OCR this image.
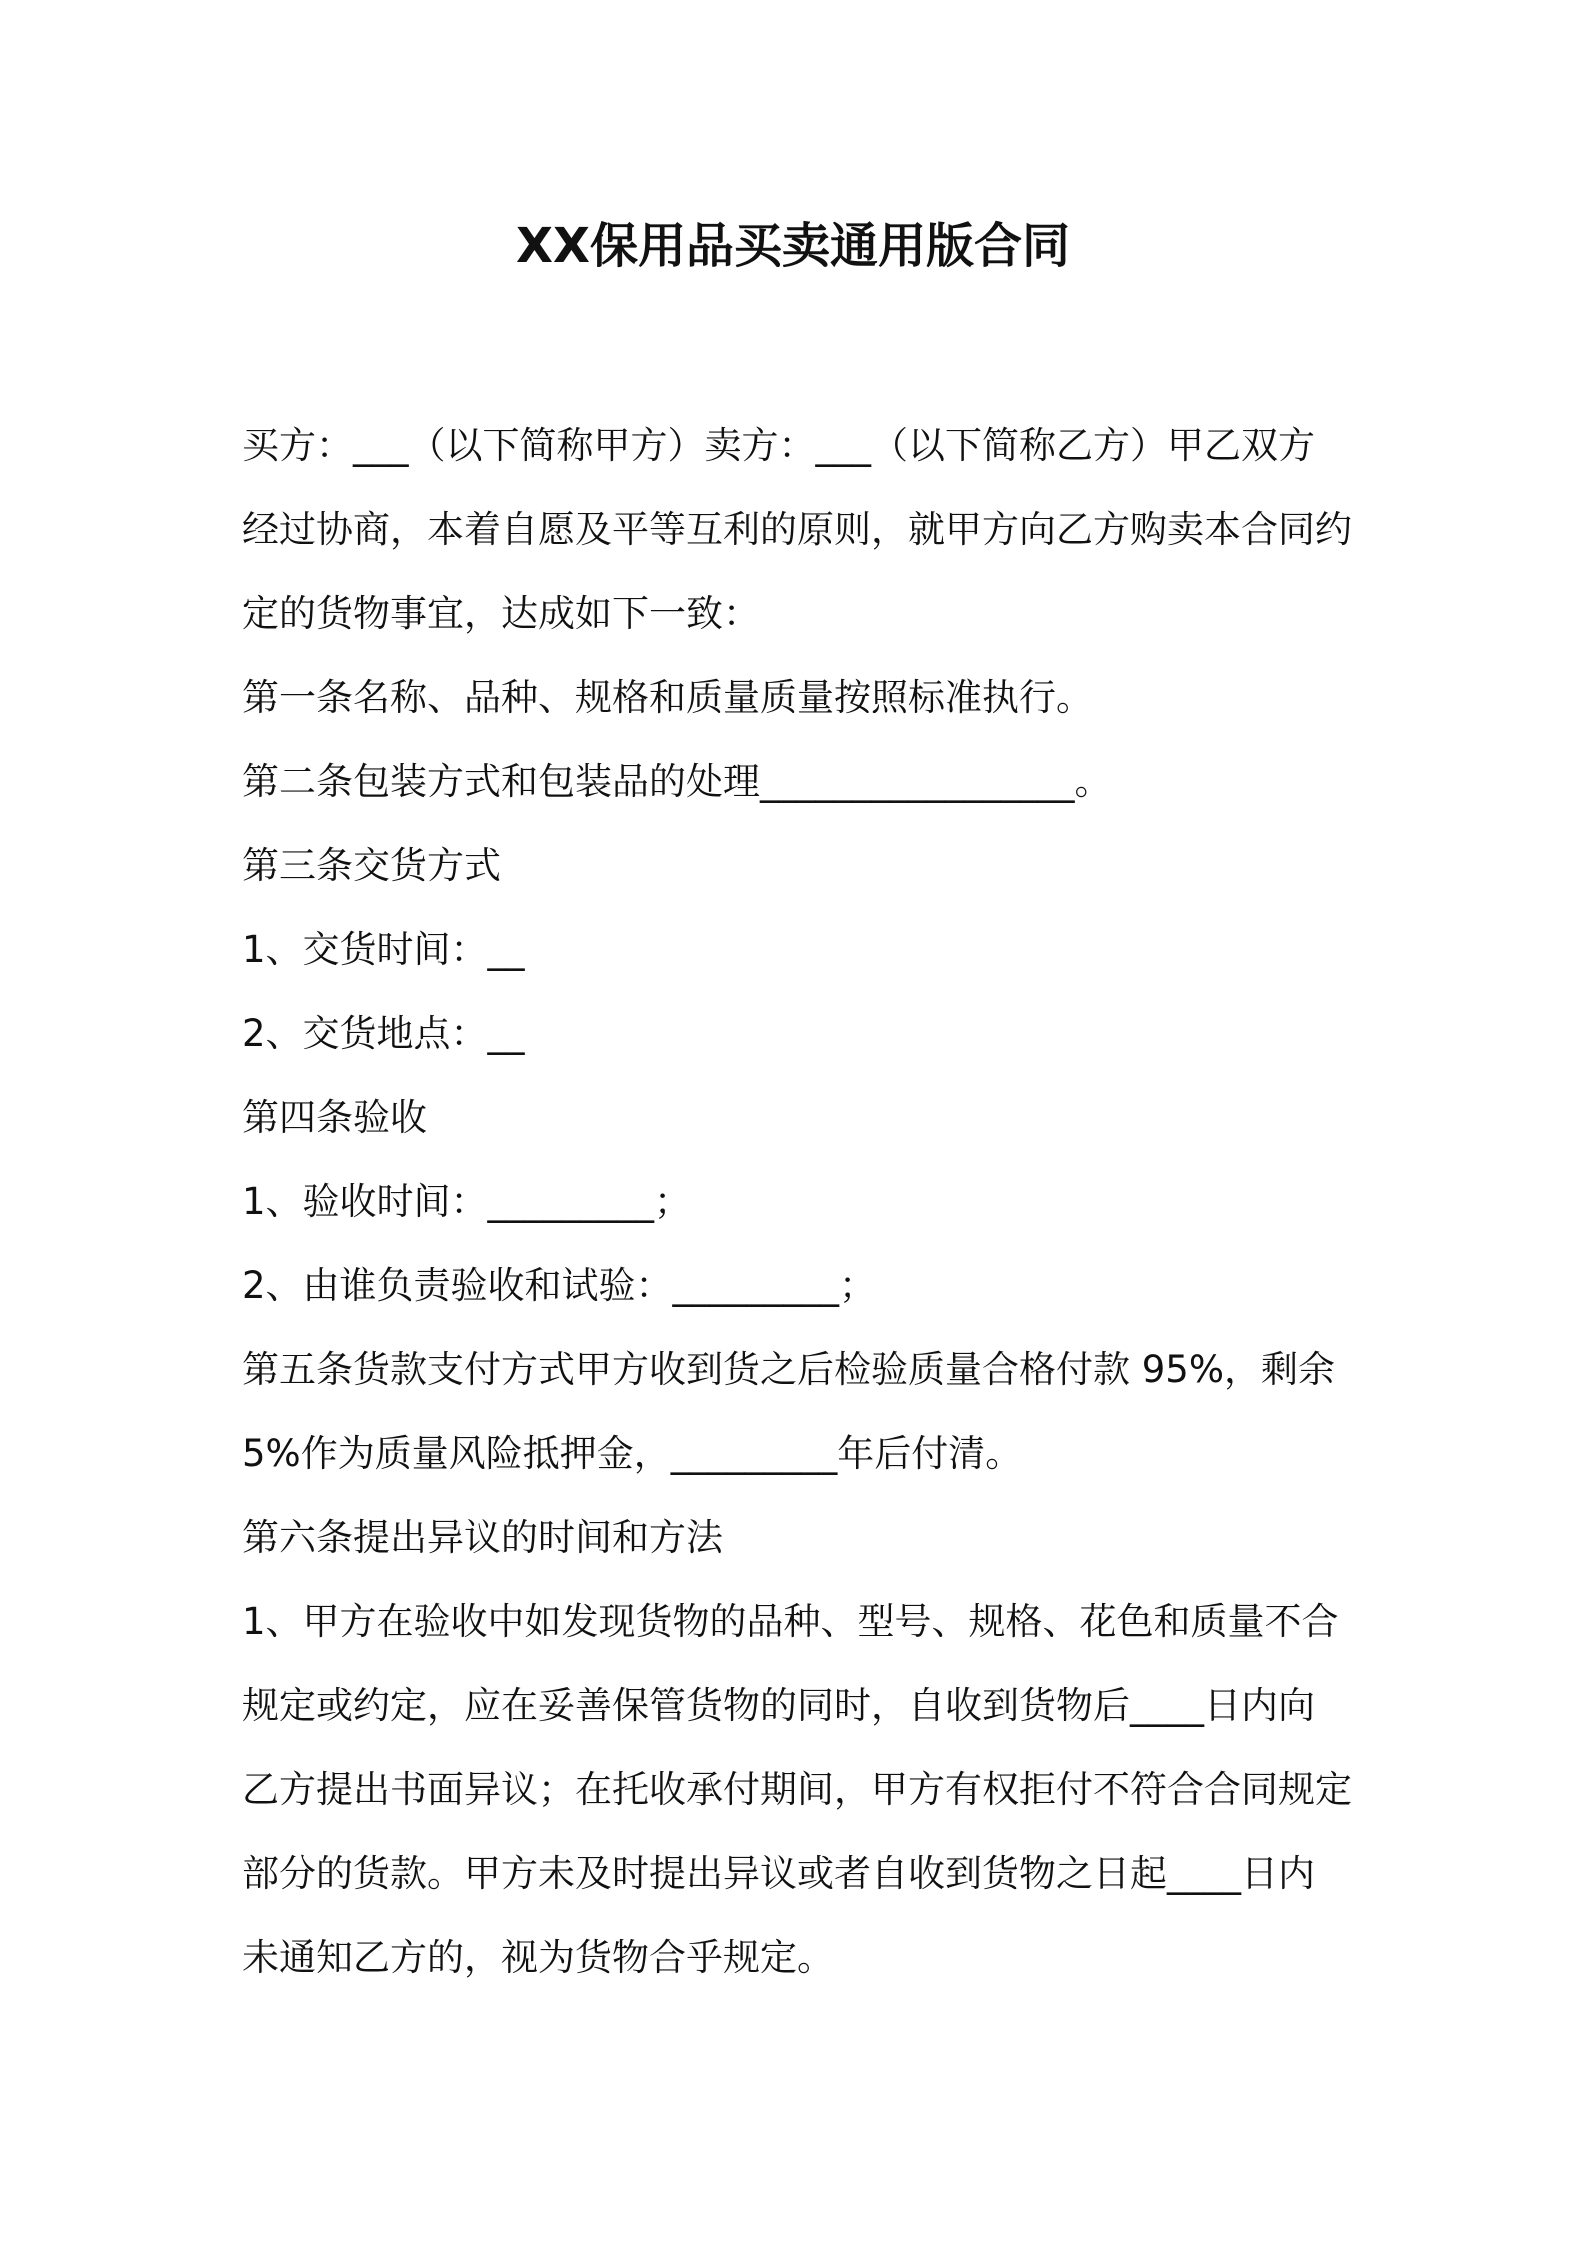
XX保用品买卖通用版合同
买方：___（以下简称甲方）卖方：___（以下简称乙方）甲乙双方
经过协商，本着自愿及平等互利的原则，就甲方向乙方购卖本合同约
定的货物事宜，达成如下一致：
第一条名称、品种、规格和质量质量按照标准执行。
第二条包装方式和包装品的处理_________________。
第三条交货方式
1、交货时间：__
2、交货地点：__
第四条验收
1、验收时间：_________；
2、由谁负责验收和试验：_________；
第五条货款支付方式甲方收到货之后检验质量合格付款 95%，剩余
5%作为质量风险抵押金，_________年后付清。
第六条提出异议的时间和方法
1、甲方在验收中如发现货物的品种、型号、规格、花色和质量不合
规定或约定，应在妥善保管货物的同时，自收到货物后____日内向
乙方提出书面异议；在托收承付期间，甲方有权拒付不符合合同规定
部分的货款。甲方未及时提出异议或者自收到货物之日起____日内
未通知乙方的，视为货物合乎规定。
